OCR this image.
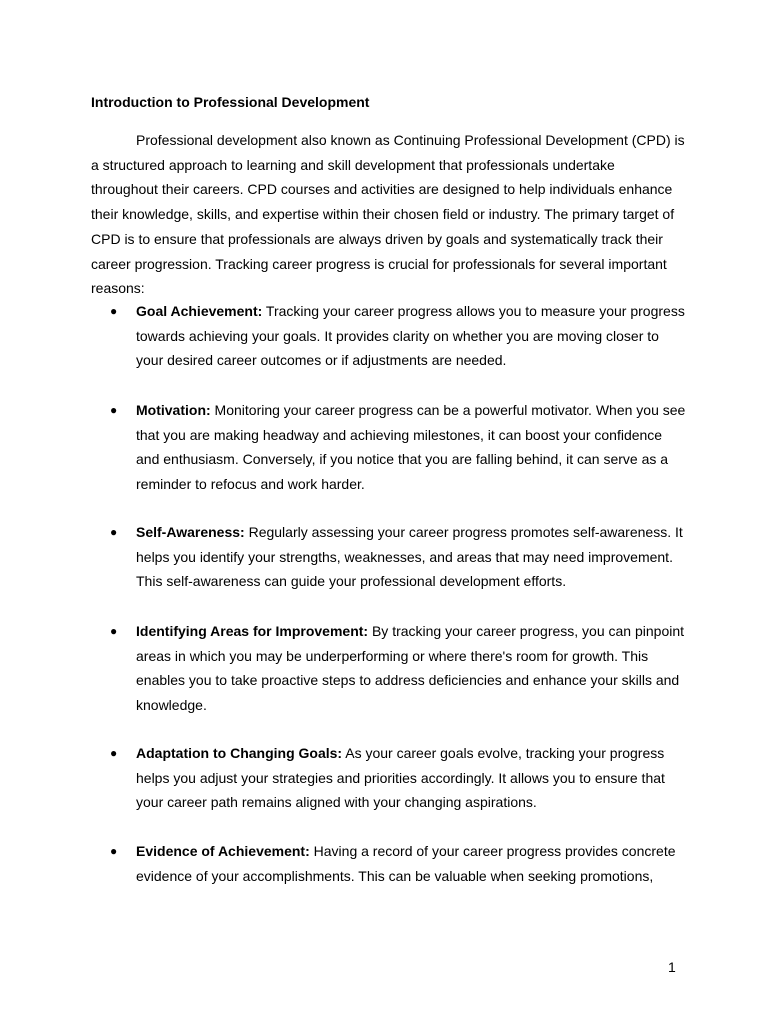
Introduction to Professional Development

Professional development also known as Continuing Professional Development (CPD) is a structured approach to learning and skill development that professionals undertake throughout their careers. CPD courses and activities are designed to help individuals enhance their knowledge, skills, and expertise within their chosen field or industry. The primary target of CPD is to ensure that professionals are always driven by goals and systematically track their career progression. Tracking career progress is crucial for professionals for several important reasons:

● Goal Achievement: Tracking your career progress allows you to measure your progress towards achieving your goals. It provides clarity on whether you are moving closer to your desired career outcomes or if adjustments are needed.
● Motivation: Monitoring your career progress can be a powerful motivator. When you see that you are making headway and achieving milestones, it can boost your confidence and enthusiasm. Conversely, if you notice that you are falling behind, it can serve as a reminder to refocus and work harder.
● Self-Awareness: Regularly assessing your career progress promotes self-awareness. It helps you identify your strengths, weaknesses, and areas that may need improvement. This self-awareness can guide your professional development efforts.
● Identifying Areas for Improvement: By tracking your career progress, you can pinpoint areas in which you may be underperforming or where there's room for growth. This enables you to take proactive steps to address deficiencies and enhance your skills and knowledge.
● Adaptation to Changing Goals: As your career goals evolve, tracking your progress helps you adjust your strategies and priorities accordingly. It allows you to ensure that your career path remains aligned with your changing aspirations.
● Evidence of Achievement: Having a record of your career progress provides concrete evidence of your accomplishments. This can be valuable when seeking promotions,
1
